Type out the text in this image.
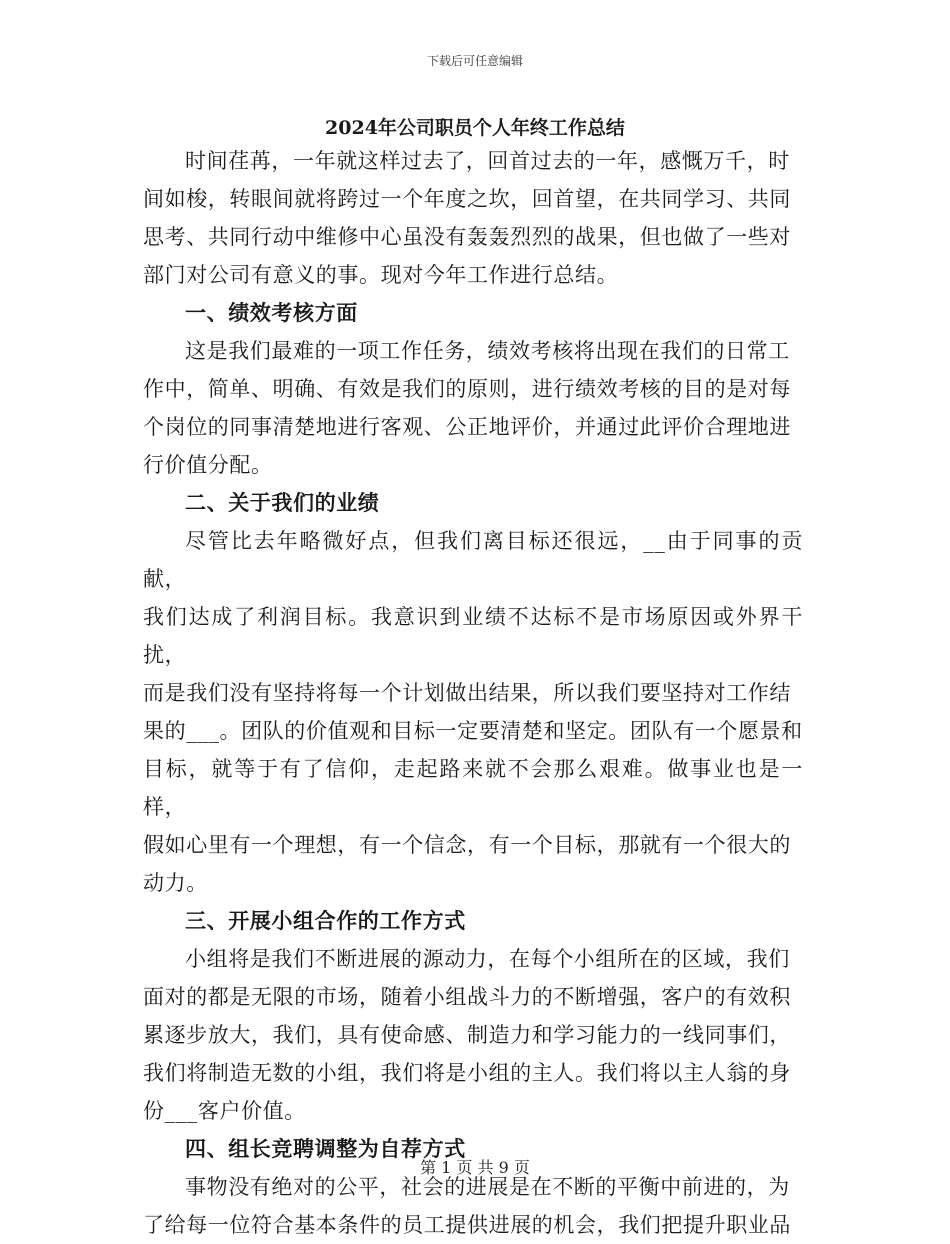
下载后可任意编辑
2024年公司职员个人年终工作总结

时间荏苒，一年就这样过去了，回首过去的一年，感慨万千，时
间如梭，转眼间就将跨过一个年度之坎，回首望，在共同学习、共同
思考、共同行动中维修中心虽没有轰轰烈烈的战果，但也做了一些对
部门对公司有意义的事。现对今年工作进行总结。

一、绩效考核方面

这是我们最难的一项工作任务，绩效考核将出现在我们的日常工
作中，简单、明确、有效是我们的原则，进行绩效考核的目的是对每
个岗位的同事清楚地进行客观、公正地评价，并通过此评价合理地进
行价值分配。

二、关于我们的业绩

尽管比去年略微好点，但我们离目标还很远，__由于同事的贡献，
我们达成了利润目标。我意识到业绩不达标不是市场原因或外界干扰，
而是我们没有坚持将每一个计划做出结果，所以我们要坚持对工作结
果的___。团队的价值观和目标一定要清楚和坚定。团队有一个愿景和
目标，就等于有了信仰，走起路来就不会那么艰难。做事业也是一样，
假如心里有一个理想，有一个信念，有一个目标，那就有一个很大的
动力。

三、开展小组合作的工作方式

小组将是我们不断进展的源动力，在每个小组所在的区域，我们
面对的都是无限的市场，随着小组战斗力的不断增强，客户的有效积
累逐步放大，我们，具有使命感、制造力和学习能力的一线同事们，
我们将制造无数的小组，我们将是小组的主人。我们将以主人翁的身
份___客户价值。

四、组长竞聘调整为自荐方式

事物没有绝对的公平，社会的进展是在不断的平衡中前进的，为
了给每一位符合基本条件的员工提供进展的机会，我们把提升职业品

第 1 页 共 9 页
